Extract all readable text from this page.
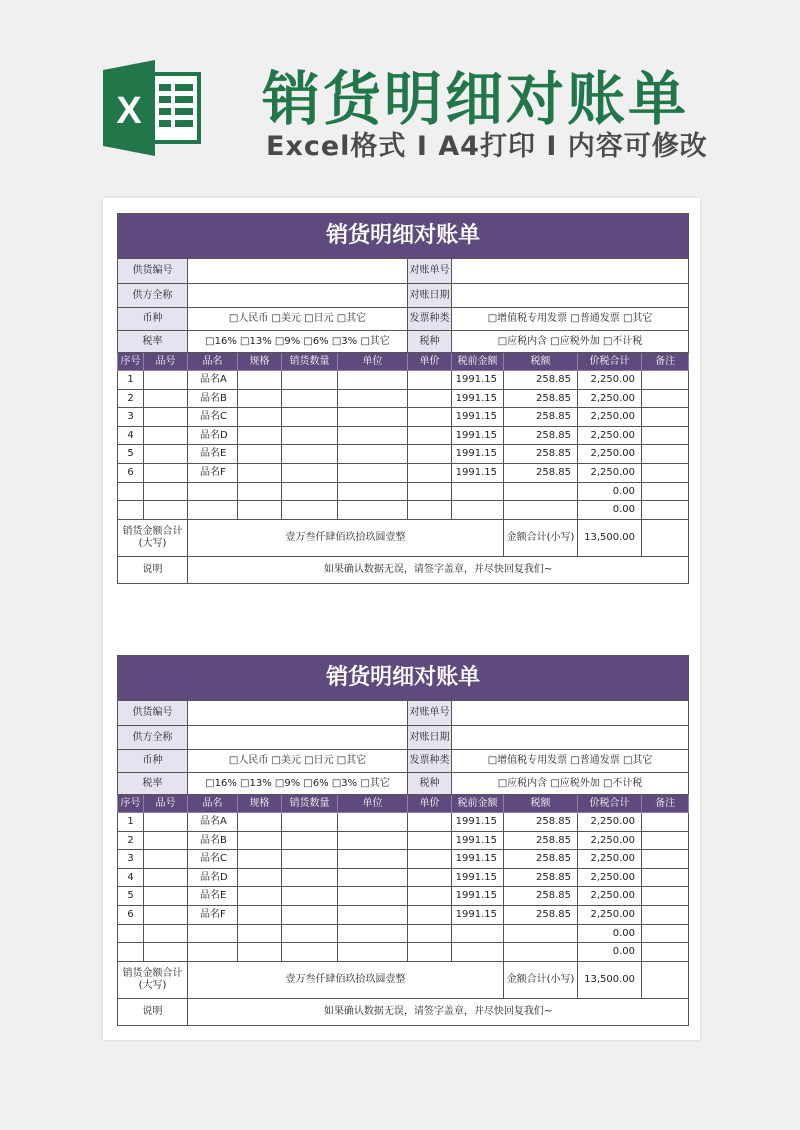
X 销货明细对账单
Excel格式 I A4打印 I 内容可修改
销货明细对账单										
供货编号						对账单号				
供方全称						对账日期				
币种		□人民币 □美元 □日元 □其它				发票种类	□增值税专用发票 □普通发票 □其它			
税率		□16% □13% □9% □6% □3% □其它				税种	□应税内含 □应税外加 □不计税			
序号	品号	品名	规格	销货数量	单位	单价	税前金额	税额	价税合计	备注
1		品名A					1991.15	258.85	2,250.00	
2		品名B					1991.15	258.85	2,250.00	
3		品名C					1991.15	258.85	2,250.00	
4		品名D					1991.15	258.85	2,250.00	
5		品名E					1991.15	258.85	2,250.00	
6		品名F					1991.15	258.85	2,250.00	
									0.00	
									0.00	
销货金额合计
(大写)		壹万叁仟肆佰玖拾玖圆壹整						金额合计(小写)	13,500.00	
说明		如果确认数据无误，请签字盖章，并尽快回复我们~								
销货明细对账单										
供货编号						对账单号				
供方全称						对账日期				
币种		□人民币 □美元 □日元 □其它				发票种类	□增值税专用发票 □普通发票 □其它			
税率		□16% □13% □9% □6% □3% □其它				税种	□应税内含 □应税外加 □不计税			
序号	品号	品名	规格	销货数量	单位	单价	税前金额	税额	价税合计	备注
1		品名A					1991.15	258.85	2,250.00	
2		品名B					1991.15	258.85	2,250.00	
3		品名C					1991.15	258.85	2,250.00	
4		品名D					1991.15	258.85	2,250.00	
5		品名E					1991.15	258.85	2,250.00	
6		品名F					1991.15	258.85	2,250.00	
									0.00	
									0.00	
销货金额合计
(大写)		壹万叁仟肆佰玖拾玖圆壹整						金额合计(小写)	13,500.00	
说明		如果确认数据无误，请签字盖章，并尽快回复我们~								
